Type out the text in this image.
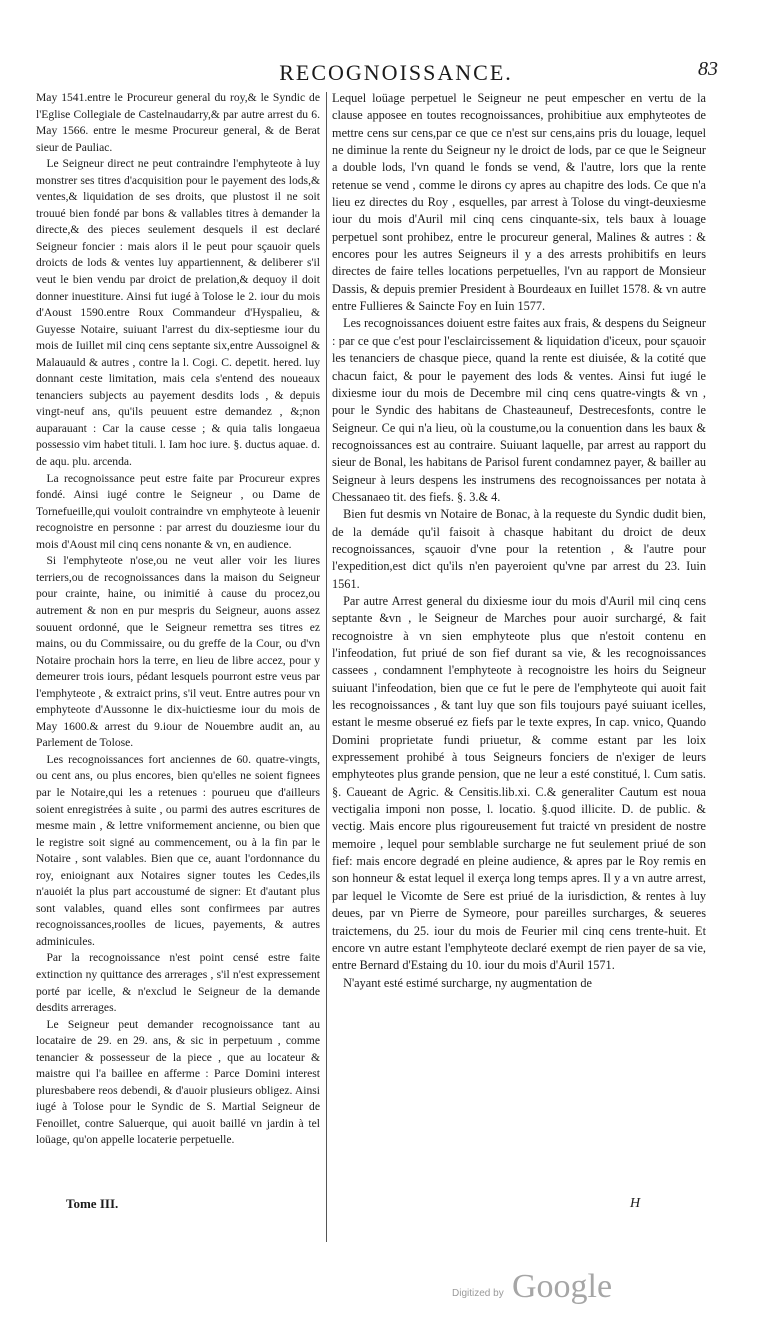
RECOGNOISSANCE.	83

May 1541.entre le Procureur general du roy,& le Syndic de l'Eglise Collegiale de Castelnaudarry,& par autre arrest du 6. May 1566. entre le mesme Procureur general, & de Berat sieur de Pauliac.

Le Seigneur direct ne peut contraindre l'emphyteote à luy monstrer ses titres d'acquisition pour le payement des lods,& ventes,& liquidation de ses droits, que plustost il ne soit trouué bien fondé par bons & vallables titres à demander la directe,& des pieces seulement desquels il est declaré Seigneur foncier : mais alors il le peut pour sçauoir quels droicts de lods & ventes luy appartiennent, & deliberer s'il veut le bien vendu par droict de prelation,& dequoy il doit donner inuestiture. Ainsi fut iugé à Tolose le 2. iour du mois d'Aoust 1590.entre Roux Commandeur d'Hyspalieu, & Guyesse Notaire, suiuant l'arrest du dix-septiesme iour du mois de Iuillet mil cinq cens septante six,entre Aussoignel & Malauauld & autres , contre la l. Cogi. C. depetit. hered. luy donnant ceste limitation, mais cela s'entend des noueaux tenanciers subjects au payement desdits lods , & depuis vingt-neuf ans, qu'ils peuuent estre demandez , &;non auparauant : Car la cause cesse ; & quia talis longaeua possessio vim habet tituli. l. Iam hoc iure. §. ductus aquae. d. de aqu. plu. arcenda.

La recognoissance peut estre faite par Procureur expres fondé. Ainsi iugé contre le Seigneur , ou Dame de Tornefueille,qui vouloit contraindre vn emphyteote à leuenir recognoistre en personne : par arrest du douziesme iour du mois d'Aoust mil cinq cens nonante & vn, en audience.

Si l'emphyteote n'ose,ou ne veut aller voir les liures terriers,ou de recognoissances dans la maison du Seigneur pour crainte, haine, ou inimitié à cause du procez,ou autrement & non en pur mespris du Seigneur, auons assez souuent ordonné, que le Seigneur remettra ses titres ez mains, ou du Commissaire, ou du greffe de la Cour, ou d'vn Notaire prochain hors la terre, en lieu de libre accez, pour y demeurer trois iours, pédant lesquels pourront estre veus par l'emphyteote , & extraict prins, s'il veut. Entre autres pour vn emphyteote d'Aussonne le dix-huictiesme iour du mois de May 1600.& arrest du 9.iour de Nouembre audit an, au Parlement de Tolose.

Les recognoissances fort anciennes de 60. quatre-vingts, ou cent ans, ou plus encores, bien qu'elles ne soient fignees par le Notaire,qui les a retenues : pourueu que d'ailleurs soient enregistrées à suite , ou parmi des autres escritures de mesme main , & lettre vniformement ancienne, ou bien que le registre soit signé au commencement, ou à la fin par le Notaire , sont valables. Bien que ce, auant l'ordonnance du roy, enioignant aux Notaires signer toutes les Cedes,ils n'auoiét la plus part accoustumé de signer: Et d'autant plus sont valables, quand elles sont confirmees par autres recognoissances,roolles de licues, payements, & autres adminicules.

Par la recognoissance n'est point censé estre faite extinction ny quittance des arrerages , s'il n'est expressement porté par icelle, & n'exclud le Seigneur de la demande desdits arrerages.

Le Seigneur peut demander recognoissance tant au locataire de 29. en 29. ans, & sic in perpetuum , comme tenancier & possesseur de la piece , que au locateur & maistre qui l'a baillee en afferme : Parce Domini interest pluresbabere reos debendi, & d'auoir plusieurs obligez. Ainsi iugé à Tolose pour le Syndic de S. Martial Seigneur de Fenoillet, contre Saluerque, qui auoit baillé vn jardin à tel loüage, qu'on appelle locaterie perpetuelle.

Lequel loüage perpetuel le Seigneur ne peut empescher en vertu de la clause apposee en toutes recognoissances, prohibitiue aux emphyteotes de mettre cens sur cens,par ce que ce n'est sur cens,ains pris du louage, lequel ne diminue la rente du Seigneur ny le droict de lods, par ce que le Seigneur a double lods, l'vn quand le fonds se vend, & l'autre, lors que la rente retenue se vend , comme le dirons cy apres au chapitre des lods. Ce que n'a lieu ez directes du Roy , esquelles, par arrest à Tolose du vingt-deuxiesme iour du mois d'Auril mil cinq cens cinquante-six, tels baux à louage perpetuel sont prohibez, entre le procureur general, Malines & autres : & encores pour les autres Seigneurs il y a des arrests prohibitifs en leurs directes de faire telles locations perpetuelles, l'vn au rapport de Monsieur Dassis, & depuis premier President à Bourdeaux en Iuillet 1578. & vn autre entre Fullieres & Saincte Foy en Iuin 1577.

Les recognoissances doiuent estre faites aux frais, & despens du Seigneur : par ce que c'est pour l'esclaircissement & liquidation d'iceux, pour sçauoir les tenanciers de chasque piece, quand la rente est diuisée, & la cotité que chacun faict, & pour le payement des lods & ventes. Ainsi fut iugé le dixiesme iour du mois de Decembre mil cinq cens quatre-vingts & vn , pour le Syndic des habitans de Chasteauneuf, Destrecesfonts, contre le Seigneur. Ce qui n'a lieu, où la coustume,ou la conuention dans les baux & recognoissances est au contraire. Suiuant laquelle, par arrest au rapport du sieur de Bonal, les habitans de Parisol furent condamnez payer, & bailler au Seigneur à leurs despens les instrumens des recognoissances per notata à Chessanaeo tit. des fiefs. §. 3.& 4.

Bien fut desmis vn Notaire de Bonac, à la requeste du Syndic dudit bien, de la demáde qu'il faisoit à chasque habitant du droict de deux recognoissances, sçauoir d'vne pour la retention , & l'autre pour l'expedition,est dict qu'ils n'en payeroient qu'vne par arrest du 23. Iuin 1561.

Par autre Arrest general du dixiesme iour du mois d'Auril mil cinq cens septante &vn , le Seigneur de Marches pour auoir surchargé, & fait recognoistre à vn sien emphyteote plus que n'estoit contenu en l'infeodation, fut priué de son fief durant sa vie, & les recognoissances cassees , condamnent l'emphyteote à recognoistre les hoirs du Seigneur suiuant l'infeodation, bien que ce fut le pere de l'emphyteote qui auoit fait les recognoissances , & tant luy que son fils toujours payé suiuant icelles, estant le mesme obserué ez fiefs par le texte expres, In cap. vnico, Quando Domini proprietate fundi priuetur, & comme estant par les loix expressement prohibé à tous Seigneurs fonciers de n'exiger de leurs emphyteotes plus grande pension, que ne leur a esté constitué, l. Cum satis. §. Caueant de Agric. & Censitis.lib.xi. C.& generaliter Cautum est noua vectigalia imponi non posse, l. locatio. §.quod illicite. D. de public. & vectig. Mais encore plus rigoureusement fut traicté vn president de nostre memoire , lequel pour semblable surcharge ne fut seulement priué de son fief: mais encore degradé en pleine audience, & apres par le Roy remis en son honneur & estat lequel il exerça long temps apres. Il y a vn autre arrest, par lequel le Vicomte de Sere est priué de la iurisdiction, & rentes à luy deues, par vn Pierre de Symeore, pour pareilles surcharges, & seueres traictemens, du 25. iour du mois de Feurier mil cinq cens trente-huit. Et encore vn autre estant l'emphyteote declaré exempt de rien payer de sa vie, entre Bernard d'Estaing du 10. iour du mois d'Auril 1571.

N'ayant esté estimé surcharge, ny augmentation de

Tome III.	H
Digitized by Google
